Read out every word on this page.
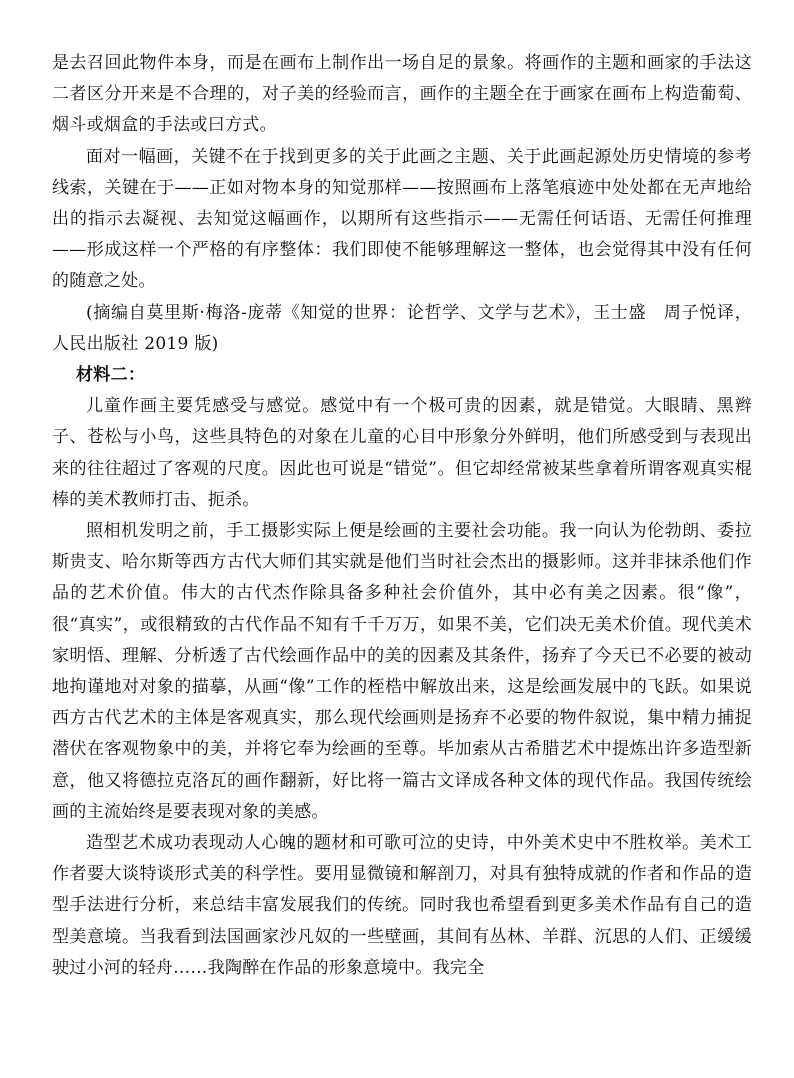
是去召回此物件本身，而是在画布上制作出一场自足的景象。将画作的主题和画家的手法这二者区分开来是不合理的，对子美的经验而言，画作的主题全在于画家在画布上构造葡萄、烟斗或烟盒的手法或曰方式。

面对一幅画，关键不在于找到更多的关于此画之主题、关于此画起源处历史情境的参考线索，关键在于——正如对物本身的知觉那样——按照画布上落笔痕迹中处处都在无声地给出的指示去凝视、去知觉这幅画作，以期所有这些指示——无需任何话语、无需任何推理——形成这样一个严格的有序整体：我们即使不能够理解这一整体，也会觉得其中没有任何的随意之处。

(摘编自莫里斯·梅洛-庞蒂《知觉的世界：论哲学、文学与艺术》，王士盛　周子悦译，人民出版社 2019 版)

材料二：

儿童作画主要凭感受与感觉。感觉中有一个极可贵的因素，就是错觉。大眼睛、黑辫子、苍松与小鸟，这些具特色的对象在儿童的心目中形象分外鲜明，他们所感受到与表现出来的往往超过了客观的尺度。因此也可说是“错觉”。但它却经常被某些拿着所谓客观真实棍棒的美术教师打击、扼杀。

照相机发明之前，手工摄影实际上便是绘画的主要社会功能。我一向认为伦勃朗、委拉斯贵支、哈尔斯等西方古代大师们其实就是他们当时社会杰出的摄影师。这并非抹杀他们作品的艺术价值。伟大的古代杰作除具备多种社会价值外，其中必有美之因素。很“像”，很“真实”，或很精致的古代作品不知有千千万万，如果不美，它们决无美术价值。现代美术家明悟、理解、分析透了古代绘画作品中的美的因素及其条件，扬弃了今天已不必要的被动地拘谨地对对象的描摹，从画“像”工作的桎梏中解放出来，这是绘画发展中的飞跃。如果说西方古代艺术的主体是客观真实，那么现代绘画则是扬弃不必要的物件叙说，集中精力捕捉潜伏在客观物象中的美，并将它奉为绘画的至尊。毕加索从古希腊艺术中提炼出许多造型新意，他又将德拉克洛瓦的画作翻新，好比将一篇古文译成各种文体的现代作品。我国传统绘画的主流始终是要表现对象的美感。

造型艺术成功表现动人心魄的题材和可歌可泣的史诗，中外美术史中不胜枚举。美术工作者要大谈特谈形式美的科学性。要用显微镜和解剖刀，对具有独特成就的作者和作品的造型手法进行分析，来总结丰富发展我们的传统。同时我也希望看到更多美术作品有自己的造型美意境。当我看到法国画家沙凡奴的一些壁画，其间有丛林、羊群、沉思的人们、正缓缓驶过小河的轻舟……我陶醉在作品的形象意境中。我完全
